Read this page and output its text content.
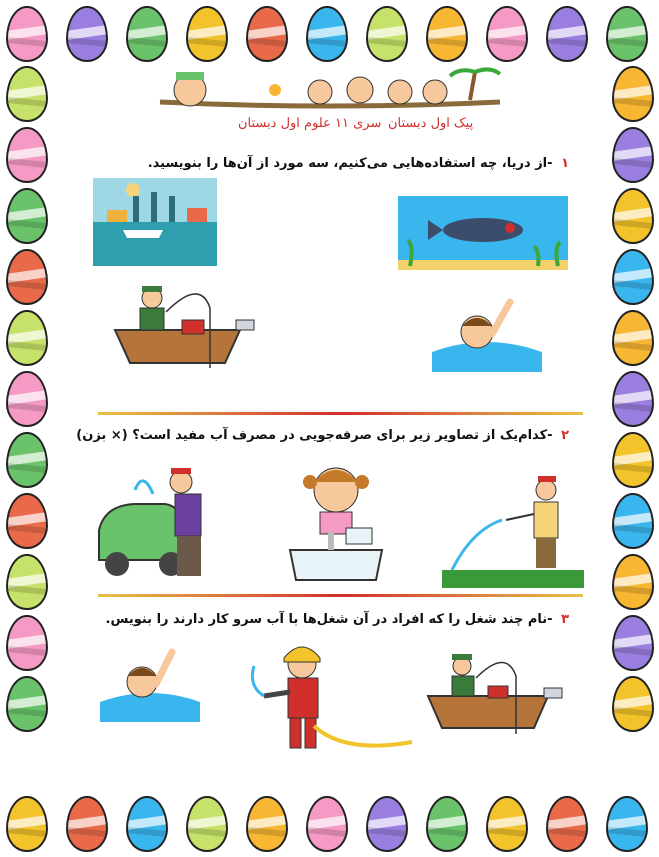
پیک اول دبستان
سری ۱۱ علوم اول دبستان
۱ -از دریا، چه استفاده‌هایی می‌کنیم، سه مورد از آن‌ها را بنویسید.
۲ -کدام‌یک از تصاویر زیر برای صرفه‌جویی در مصرف آب مفید است؟ (× بزن)
۳ -نام چند شغل را که افراد در آن شغل‌ها با آب سرو کار دارند را بنویس.
